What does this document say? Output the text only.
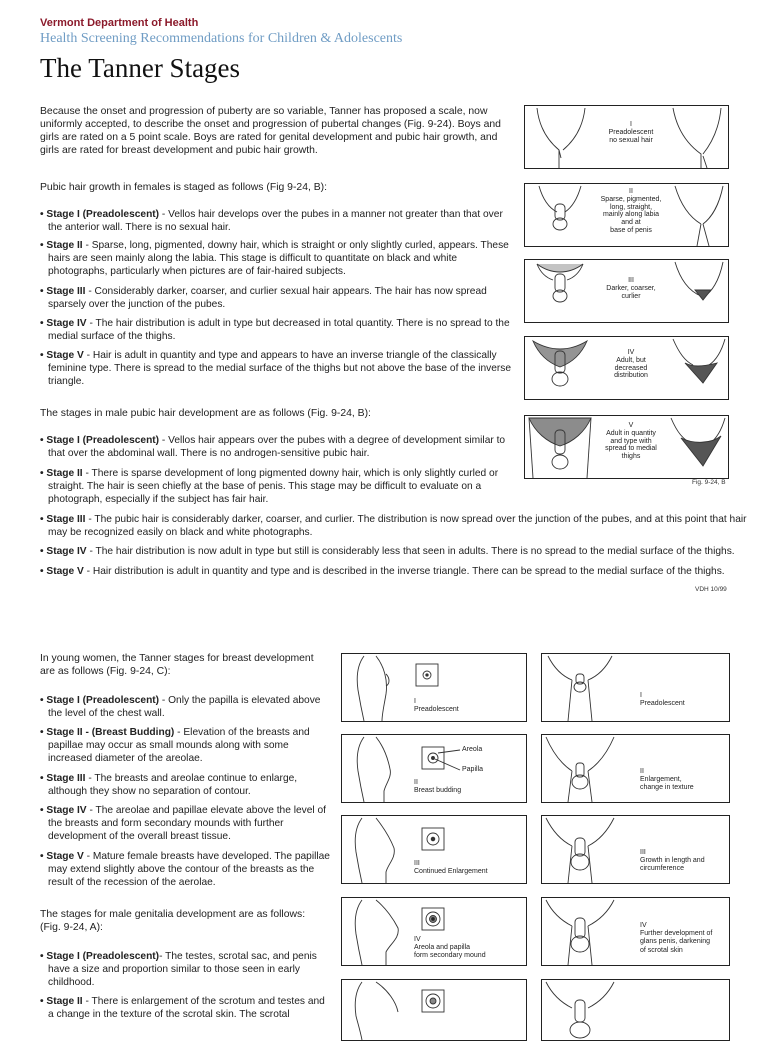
Vermont Department of Health
Health Screening Recommendations for Children & Adolescents
The Tanner Stages
Because the onset and progression of puberty are so variable, Tanner has proposed a scale, now uniformly accepted, to describe the onset and progression of pubertal changes (Fig. 9-24). Boys and girls are rated on a 5 point scale. Boys are rated for genital development and pubic hair growth, and girls are rated for breast development and pubic hair growth.
Pubic hair growth in females is staged as follows (Fig 9-24, B):
• Stage I (Preadolescent) - Vellos hair develops over the pubes in a manner not greater than that over the anterior wall. There is no sexual hair.
• Stage II - Sparse, long, pigmented, downy hair, which is straight or only slightly curled, appears. These hairs are seen mainly along the labia. This stage is difficult to quantitate on black and white photographs, particularly when pictures are of fair-haired subjects.
• Stage III - Considerably darker, coarser, and curlier sexual hair appears. The hair has now spread sparsely over the junction of the pubes.
• Stage IV - The hair distribution is adult in type but decreased in total quantity. There is no spread to the medial surface of the thighs.
• Stage V - Hair is adult in quantity and type and appears to have an inverse triangle of the classically feminine type. There is spread to the medial surface of the thighs but not above the base of the inverse triangle.
The stages in male pubic hair development are as follows (Fig. 9-24, B):
• Stage I (Preadolescent) - Vellos hair appears over the pubes with a degree of development similar to that over the abdominal wall. There is no androgen-sensitive pubic hair.
• Stage II - There is sparse development of long pigmented downy hair, which is only slightly curled or straight. The hair is seen chiefly at the base of penis. This stage may be difficult to evaluate on a photograph, especially if the subject has fair hair.
• Stage III - The pubic hair is considerably darker, coarser, and curlier. The distribution is now spread over the junction of the pubes, and at this point that hair may be recognized easily on black and white photographs.
• Stage IV - The hair distribution is now adult in type but still is considerably less that seen in adults. There is no spread to the medial surface of the thighs.
• Stage V - Hair distribution is adult in quantity and type and is described in the inverse triangle. There can be spread to the medial surface of the thighs.
VDH 10/99
I
Preadolescent
no sexual hair
II
Sparse, pigmented,
long, straight,
mainly along labia
and at
base of penis
III
Darker, coarser,
curlier
IV
Adult, but
decreased
distribution
V
Adult in quantity
and type with
spread to medial
thighs
Fig. 9-24, B
In young women, the Tanner stages for breast development are as follows (Fig. 9-24, C):
• Stage I (Preadolescent) - Only the papilla is elevated above the level of the chest wall.
• Stage II - (Breast Budding) - Elevation of the breasts and papillae may occur as small mounds along with some increased diameter of the areolae.
• Stage III - The breasts and areolae continue to enlarge, although they show no separation of contour.
• Stage IV - The areolae and papillae elevate above the level of the breasts and form secondary mounds with further development of the overall breast tissue.
• Stage V - Mature female breasts have developed. The papillae may extend slightly above the contour of the breasts as the result of the recession of the aerolae.
The stages for male genitalia development are as follows: (Fig. 9-24, A):
• Stage I (Preadolescent)- The testes, scrotal sac, and penis have a size and proportion similar to those seen in early childhood.
• Stage II - There is enlargement of the scrotum and testes and a change in the texture of the scrotal skin. The scrotal
I
Preadolescent
Areola
Papilla
II
Breast budding
III
Continued Enlargement
IV
Areola and papilla
form secondary mound
I
Preadolescent
II
Enlargement,
change in texture
III
Growth in length and
circumference
IV
Further development of
glans penis, darkening
of scrotal skin
